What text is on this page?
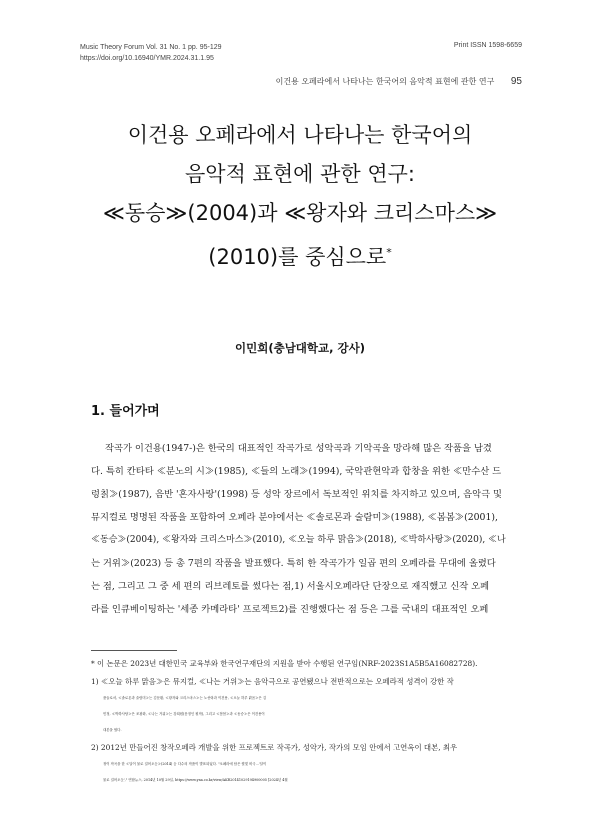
Music Theory Forum Vol. 31 No. 1 pp. 95-129
https://doi.org/10.16940/YMR.2024.31.1.95
Print ISSN 1598-6659
이건용 오페라에서 나타나는 한국어의 음악적 표현에 관한 연구 95
이건용 오페라에서 나타나는 한국어의
음악적 표현에 관한 연구:
≪동승≫(2004)과 ≪왕자와 크리스마스≫
(2010)를 중심으로*
이민희(충남대학교, 강사)
1. 들어가며
작곡가 이건용(1947-)은 한국의 대표적인 작곡가로 성악곡과 기악곡을 망라해 많은 작품을 남겼
다. 특히 칸타타 ≪분노의 시≫(1985), ≪들의 노래≫(1994), 국악관현악과 합창을 위한 ≪만수산 드
렁칡≫(1987), 음반 '혼자사랑'(1998) 등 성악 장르에서 독보적인 위치를 차지하고 있으며, 음악극 및
뮤지컬로 명명된 작품을 포함하여 오페라 분야에서는 ≪솔로몬과 술람미≫(1988), ≪봄봄≫(2001),
≪동승≫(2004), ≪왕자와 크리스마스≫(2010), ≪오늘 하루 맑음≫(2018), ≪박하사탕≫(2020), ≪나
는 거위≫(2023) 등 총 7편의 작품을 발표했다. 특히 한 작곡가가 일곱 편의 오페라를 무대에 올렸다
는 점, 그리고 그 중 세 편의 리브레토를 썼다는 점,1) 서울시오페라단 단장으로 재직했고 신작 오페
라를 인큐베이팅하는 '세종 카메라타' 프로젝트2)를 진행했다는 점 등은 그를 국내의 대표적인 오페
* 이 논문은 2023년 대한민국 교육부와 한국연구재단의 지원을 받아 수행된 연구임(NRF-2023S1A5B5A16082728).
1) ≪오늘 하루 맑음≫은 뮤지컬, ≪나는 거위≫는 음악극으로 공연됐으나 전반적으로는 오페라적 성격이 강한 작
품들로서, ≪솔로몬과 술람미≫는 김문환, ≪왕자와 크리스마스≫는 노선락과 이건용, ≪오늘 하루 맑음≫은 김
민정, ≪박하사탕≫은 조광화, ≪나는 거위≫는 강희원(문정인 원작), 그리고 ≪봄봄≫과 ≪동승≫은 이건용이
대본을 썼다.
2) 2012년 만들어진 창작오페라 개발을 위한 프로젝트로 작곡가, 성악가, 작가의 모임 안에서 고연옥이 대본, 최우
정이 작곡을 한 ≪달이 물로 걸어오듯≫(2014) 등 다수의 작품이 발표되었다. "오페라에 담은 찢빛 비극...'달이
물로 걸어오듯'," 연합뉴스, 2014년 10월 29일, https://www.yna.co.kr/view/AKR20141029194900005 [2024년 4월
